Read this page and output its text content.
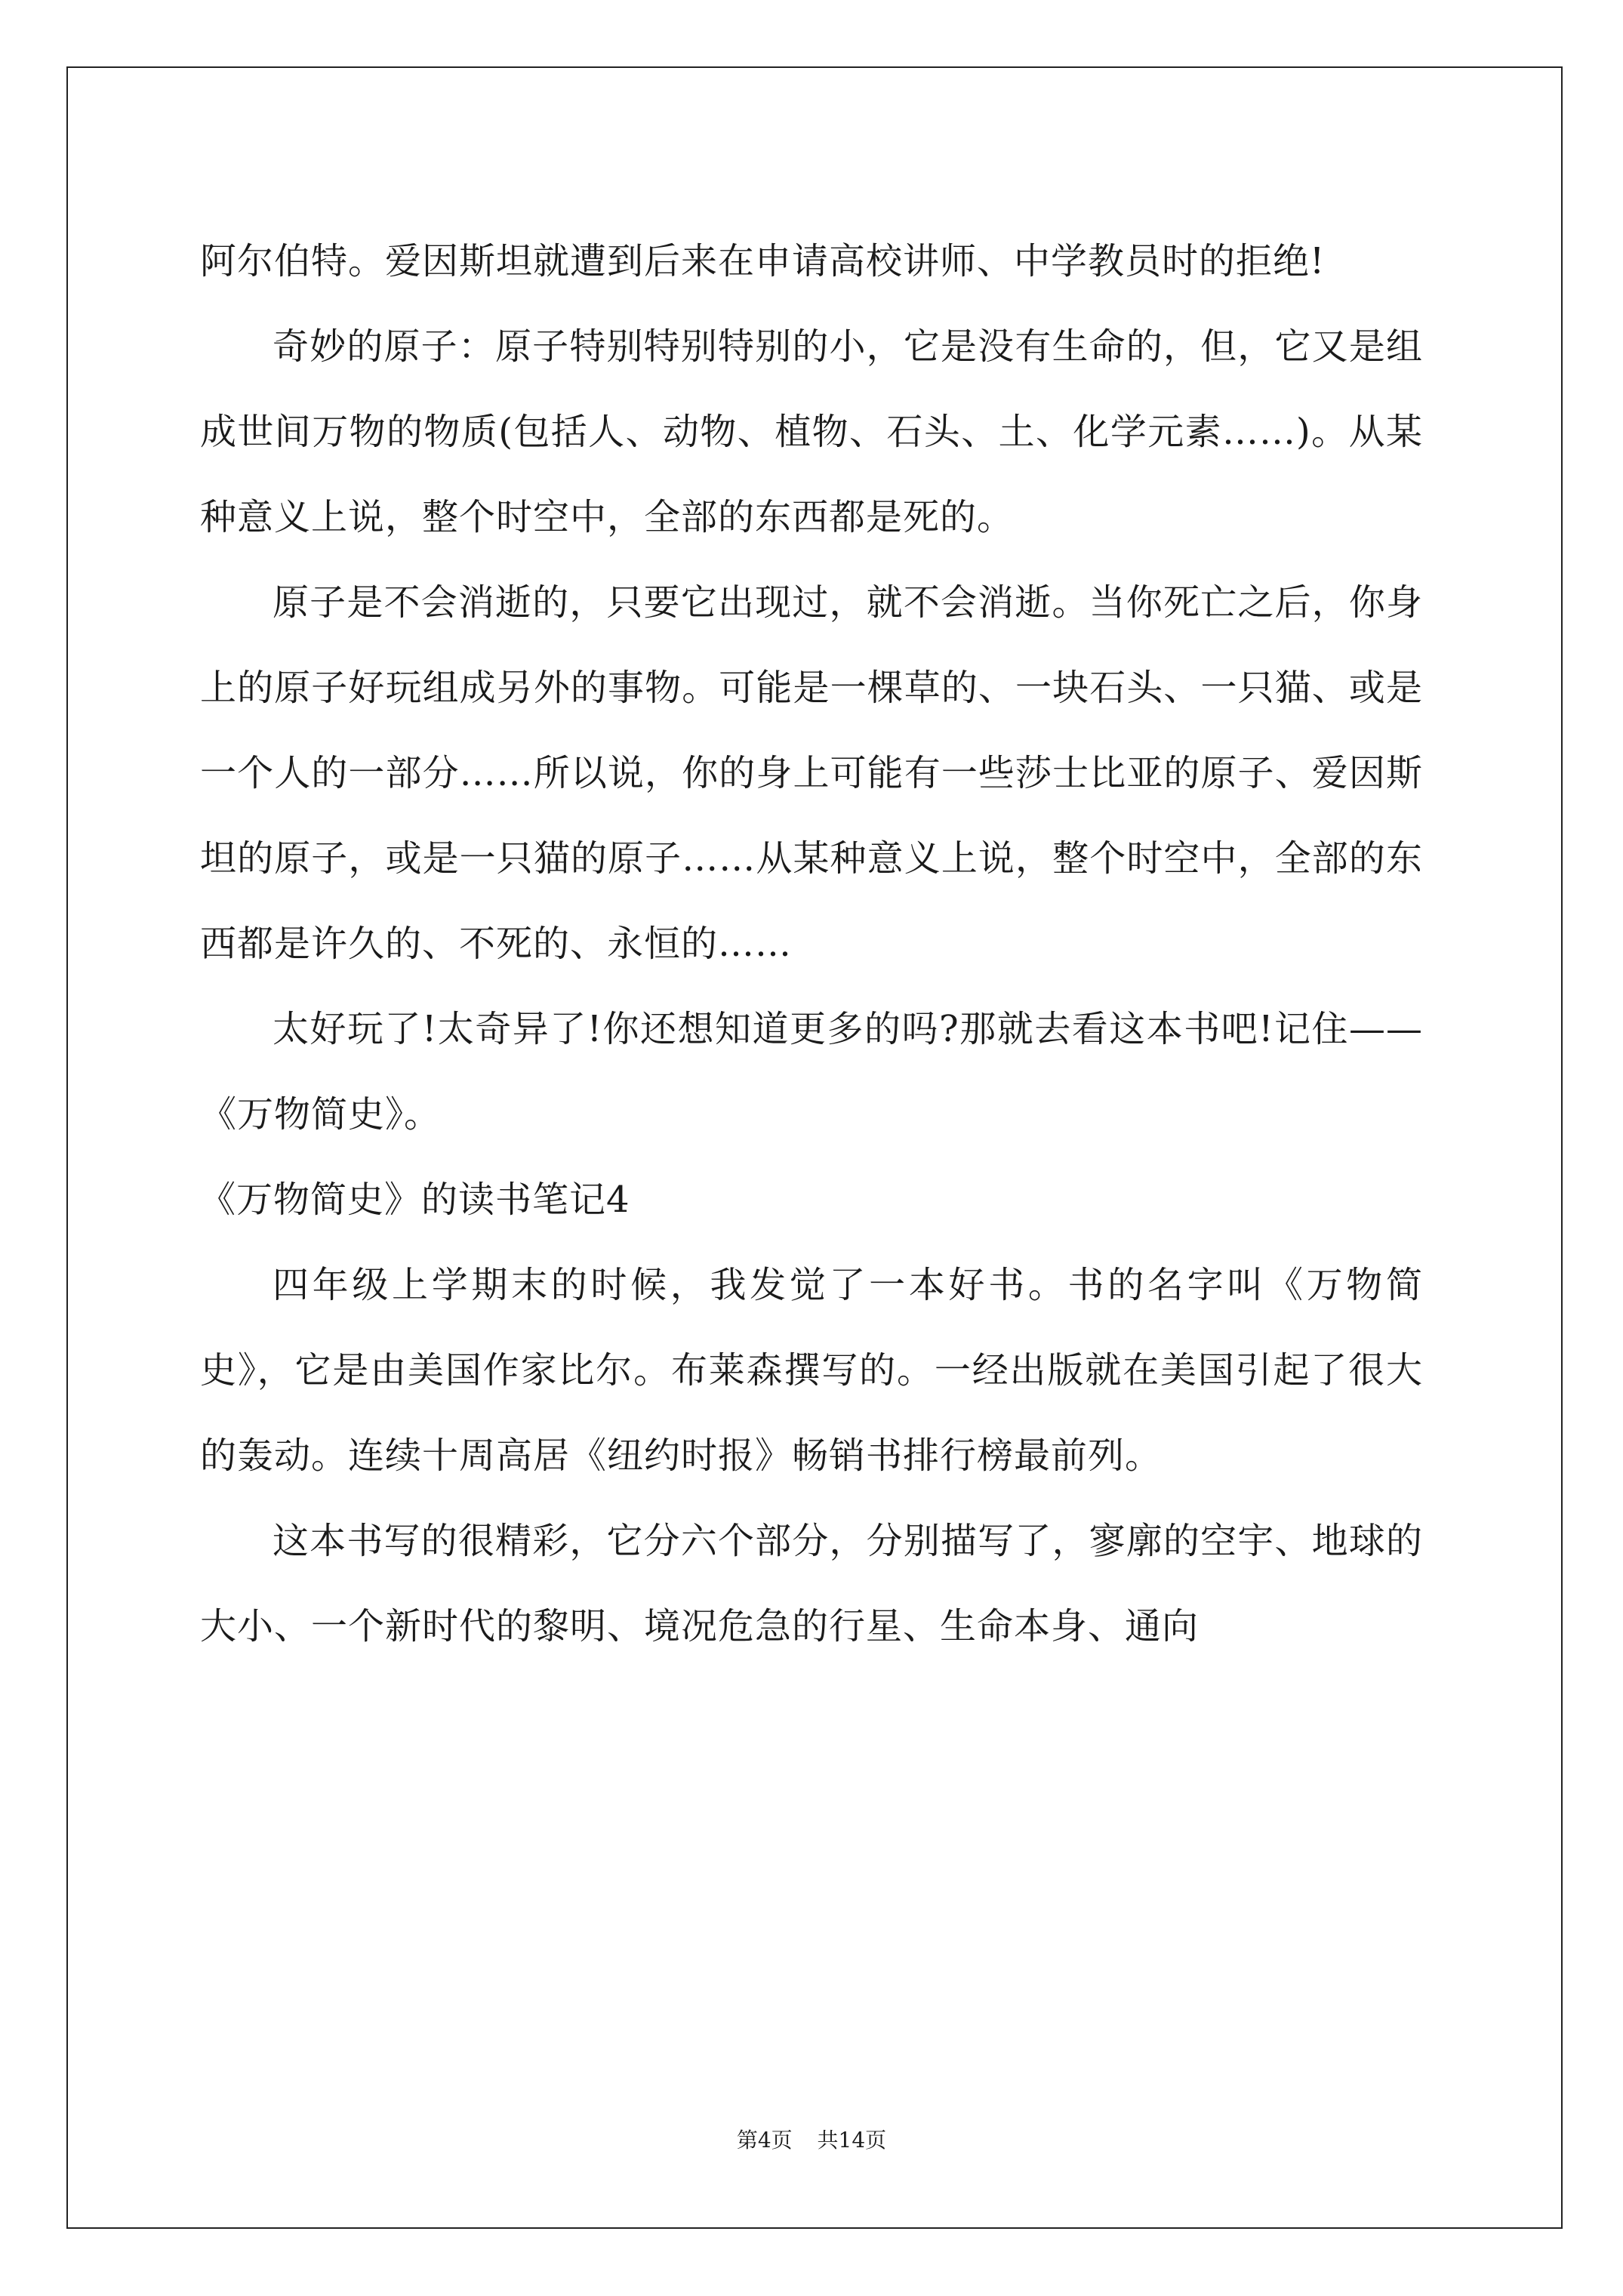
阿尔伯特。爱因斯坦就遭到后来在申请高校讲师、中学教员时的拒绝!

奇妙的原子：原子特别特别特别的小，它是没有生命的，但，它又是组成世间万物的物质(包括人、动物、植物、石头、土、化学元素……)。从某种意义上说，整个时空中，全部的东西都是死的。

原子是不会消逝的，只要它出现过，就不会消逝。当你死亡之后，你身上的原子好玩组成另外的事物。可能是一棵草的、一块石头、一只猫、或是一个人的一部分……所以说，你的身上可能有一些莎士比亚的原子、爱因斯坦的原子，或是一只猫的原子……从某种意义上说，整个时空中，全部的东西都是许久的、不死的、永恒的……

太好玩了!太奇异了!你还想知道更多的吗?那就去看这本书吧!记住——《万物简史》。

《万物简史》的读书笔记4

四年级上学期末的时候，我发觉了一本好书。书的名字叫《万物简史》，它是由美国作家比尔。布莱森撰写的。一经出版就在美国引起了很大的轰动。连续十周高居《纽约时报》畅销书排行榜最前列。

这本书写的很精彩，它分六个部分，分别描写了，寥廓的空宇、地球的大小、一个新时代的黎明、境况危急的行星、生命本身、通向

第4页 共14页
